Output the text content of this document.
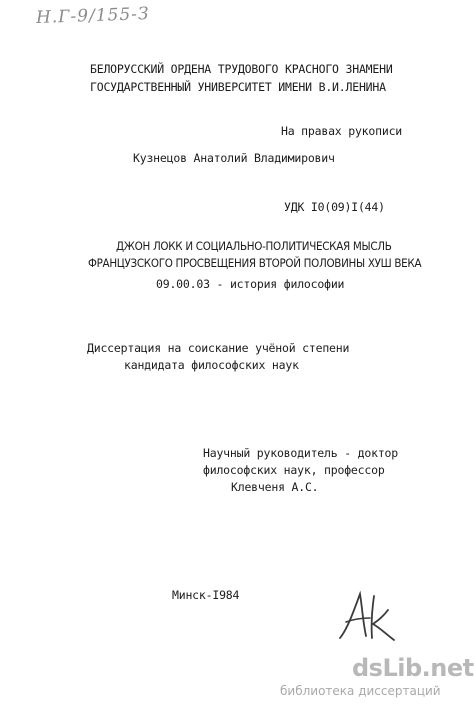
Н.Г-9/155-З
БЕЛОРУССКИЙ ОРДЕНА ТРУДОВОГО КРАСНОГО ЗНАМЕНИ
ГОСУДАРСТВЕННЫЙ УНИВЕРСИТЕТ ИМЕНИ В.И.ЛЕНИНА
На правах рукописи
Кузнецов Анатолий Владимирович
УДК I0(09)I(44)
ДЖОН ЛОКК И СОЦИАЛЬНО-ПОЛИТИЧЕСКАЯ МЫСЛЬ
ФРАНЦУЗСКОГО ПРОСВЕЩЕНИЯ ВТОРОЙ ПОЛОВИНЫ ХУШ ВЕКА
09.00.03 - история философии
Диссертация на соискание учёной степени
кандидата философских наук
Научный руководитель - доктор
философских наук, профессор
Клевченя А.С.
Минск-I984
dsLib.net
библиотека диссертаций
